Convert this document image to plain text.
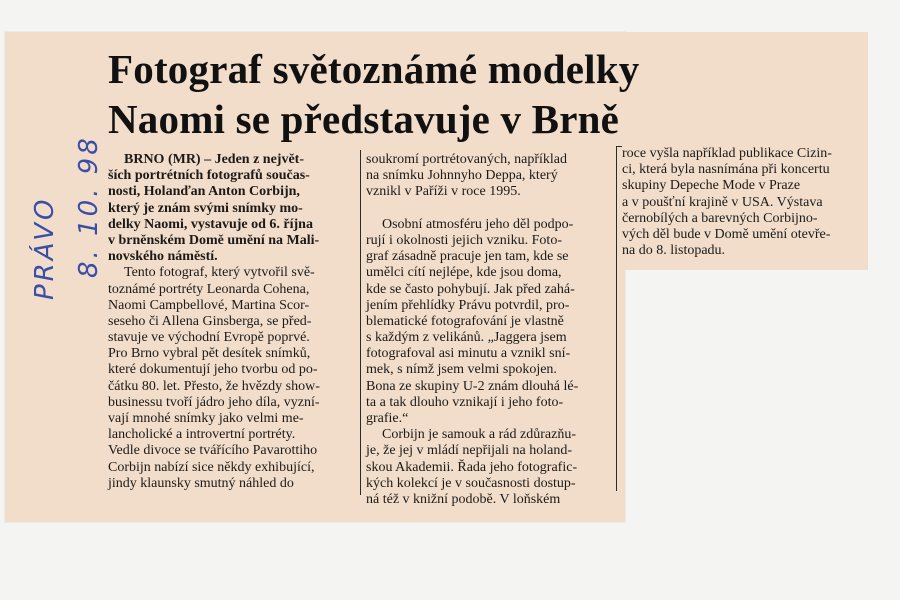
Fotograf světoznámé modelky
Naomi se představuje v Brně
BRNO (MR) – Jeden z největ-
ších portrétních fotografů součas-
nosti, Holanďan Anton Corbijn,
který je znám svými snímky mo-
delky Naomi, vystavuje od 6. října
v brněnském Domě umění na Mali-
novského náměstí.
Tento fotograf, který vytvořil svě-
toznámé portréty Leonarda Cohena,
Naomi Campbellové, Martina Scor-
seseho či Allena Ginsberga, se před-
stavuje ve východní Evropě poprvé.
Pro Brno vybral pět desítek snímků,
které dokumentují jeho tvorbu od po-
čátku 80. let. Přesto, že hvězdy show-
businessu tvoří jádro jeho díla, vyzní-
vají mnohé snímky jako velmi me-
lancholické a introvertní portréty.
Vedle divoce se tvářícího Pavarottiho
Corbijn nabízí sice někdy exhibující,
jindy klaunsky smutný náhled do
soukromí portrétovaných, například
na snímku Johnnyho Deppa, který
vznikl v Paříži v roce 1995.
Osobní atmosféru jeho děl podpo-
rují i okolnosti jejich vzniku. Foto-
graf zásadně pracuje jen tam, kde se
umělci cítí nejlépe, kde jsou doma,
kde se často pohybují. Jak před zahá-
jením přehlídky Právu potvrdil, pro-
blematické fotografování je vlastně
s každým z velikánů. „Jaggera jsem
fotografoval asi minutu a vznikl sní-
mek, s nímž jsem velmi spokojen.
Bona ze skupiny U-2 znám dlouhá lé-
ta a tak dlouho vznikají i jeho foto-
grafie.“
Corbijn je samouk a rád zdůrazňu-
je, že jej v mládí nepřijali na holand-
skou Akademii. Řada jeho fotografic-
kých kolekcí je v současnosti dostup-
ná též v knižní podobě. V loňském
roce vyšla například publikace Cizin-
ci, která byla nasnímána při koncertu
skupiny Depeche Mode v Praze
a v poušťní krajině v USA. Výstava
černobílých a barevných Corbijno-
vých děl bude v Domě umění otevře-
na do 8. listopadu.
PRÁVO 8. 10. 98
